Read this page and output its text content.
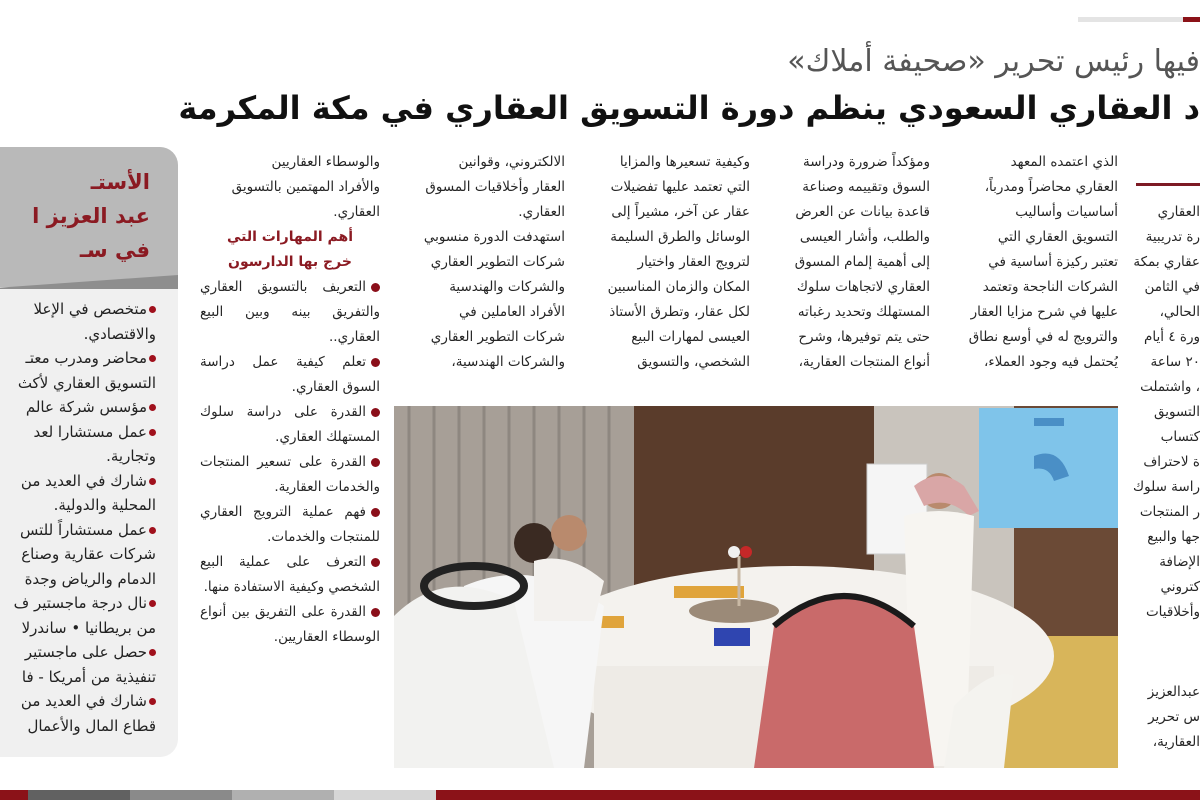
فيها رئيس تحرير «صحيفة أملاك»
د العقاري السعودي ينظم دورة التسويق العقاري في مكة المكرمة
العقاري
رة تدريبية
عقاري بمكة
في الثامن
الحالي،
ورة ٤ أيام
٢٠ ساعة
، واشتملت
التسويق
كتساب
ة لاحتراف
راسة سلوك
ر المنتجات
جها والبيع
الإضافة
كتروني
وأخلاقيات
عبدالعزيز
س تحرير
العقارية،
الذي اعتمده المعهد
العقاري محاضراً ومدرباً،
أساسيات وأساليب
التسويق العقاري التي
تعتبر ركيزة أساسية في
الشركات الناجحة وتعتمد
عليها في شرح مزايا العقار
والترويج له في أوسع نطاق
يُحتمل فيه وجود العملاء،
ومؤكداً ضرورة ودراسة
السوق وتقييمه وصناعة
قاعدة بيانات عن العرض
والطلب، وأشار العيسى
إلى أهمية إلمام المسوق
العقاري لاتجاهات سلوك
المستهلك وتحديد رغباته
حتى يتم توفيرها، وشرح
أنواع المنتجات العقارية،
وكيفية تسعيرها والمزايا
التي تعتمد عليها تفضيلات
عقار عن آخر، مشيراً إلى
الوسائل والطرق السليمة
لترويج العقار واختيار
المكان والزمان المناسبين
لكل عقار، وتطرق الأستاذ
العيسى لمهارات البيع
الشخصي، والتسويق
الالكتروني، وقوانين
العقار وأخلاقيات المسوق
العقاري.
استهدفت الدورة منسوبي
شركات التطوير العقاري
والشركات والهندسية
الأفراد العاملين في
شركات التطوير العقاري
والشركات الهندسية،
والوسطاء العقاريين
والأفراد المهتمين بالتسويق
العقاري.
أهم المهارات التي
خرج بها الدارسون

التعريف بالتسويق العقاري والتفريق بينه وبين البيع العقاري..

تعلم كيفية عمل دراسة السوق العقاري.

القدرة على دراسة سلوك المستهلك العقاري.

القدرة على تسعير المنتجات والخدمات العقارية.

فهم عملية الترويج العقاري للمنتجات والخدمات.

التعرف على عملية البيع الشخصي وكيفية الاستفادة منها.

القدرة على التفريق بين أنواع الوسطاء العقاريين.

الأستـ
عبد العزيز ا
في سـ
متخصص في الإعلا
والاقتصادي.
محاضر ومدرب معتـ
التسويق العقاري لأكث
مؤسس شركة عالم
عمل مستشارا لعد
وتجارية.
شارك في العديد من
المحلية والدولية.
عمل مستشاراً للتس
شركات عقارية وصناع
الدمام والرياض وجدة
نال درجة ماجستير ف
من بريطانيا • ساندرلا
حصل على ماجستير
تنفيذية من أمريكا - فا
شارك في العديد من
قطاع المال والأعمال
